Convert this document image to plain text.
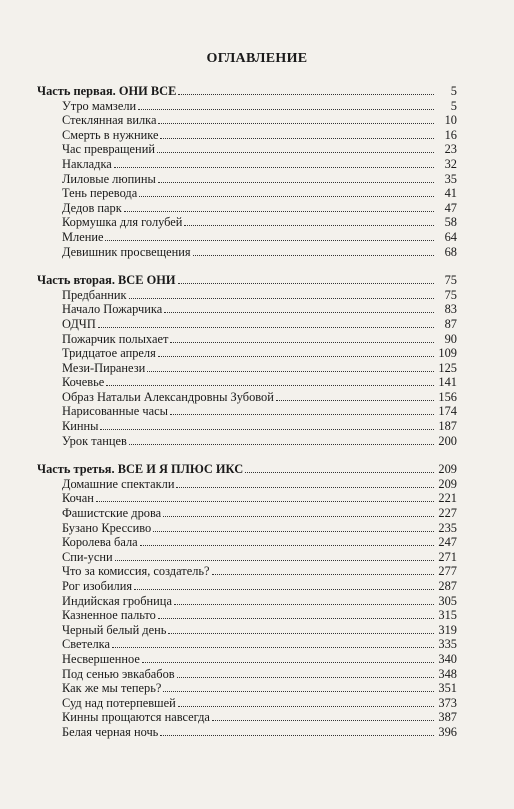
ОГЛАВЛЕНИЕ
Часть первая. ОНИ ВСЕ	5
Утро мамзели	5
Стеклянная вилка	10
Смерть в нужнике	16
Час превращений	23
Накладка	32
Лиловые люпины	35
Тень перевода	41
Дедов парк	47
Кормушка для голубей	58
Мление	64
Девишник просвещения	68
Часть вторая. ВСЕ ОНИ	75
Предбанник	75
Начало Пожарчика	83
ОДЧП	87
Пожарчик полыхает	90
Тридцатое апреля	109
Мези-Пиранези	125
Кочевье	141
Образ Натальи Александровны Зубовой	156
Нарисованные часы	174
Кинны	187
Урок танцев	200
Часть третья. ВСЕ И Я ПЛЮС ИКС	209
Домашние спектакли	209
Кочан	221
Фашистские дрова	227
Бузано Крессиво	235
Королева бала	247
Спи-усни	271
Что за комиссия, создатель?	277
Рог изобилия	287
Индийская гробница	305
Казненное пальто	315
Черный белый день	319
Светелка	335
Несвершенное	340
Под сенью эвкабабов	348
Как же мы теперь?	351
Суд над потерпевшей	373
Кинны прощаются навсегда	387
Белая черная ночь	396
